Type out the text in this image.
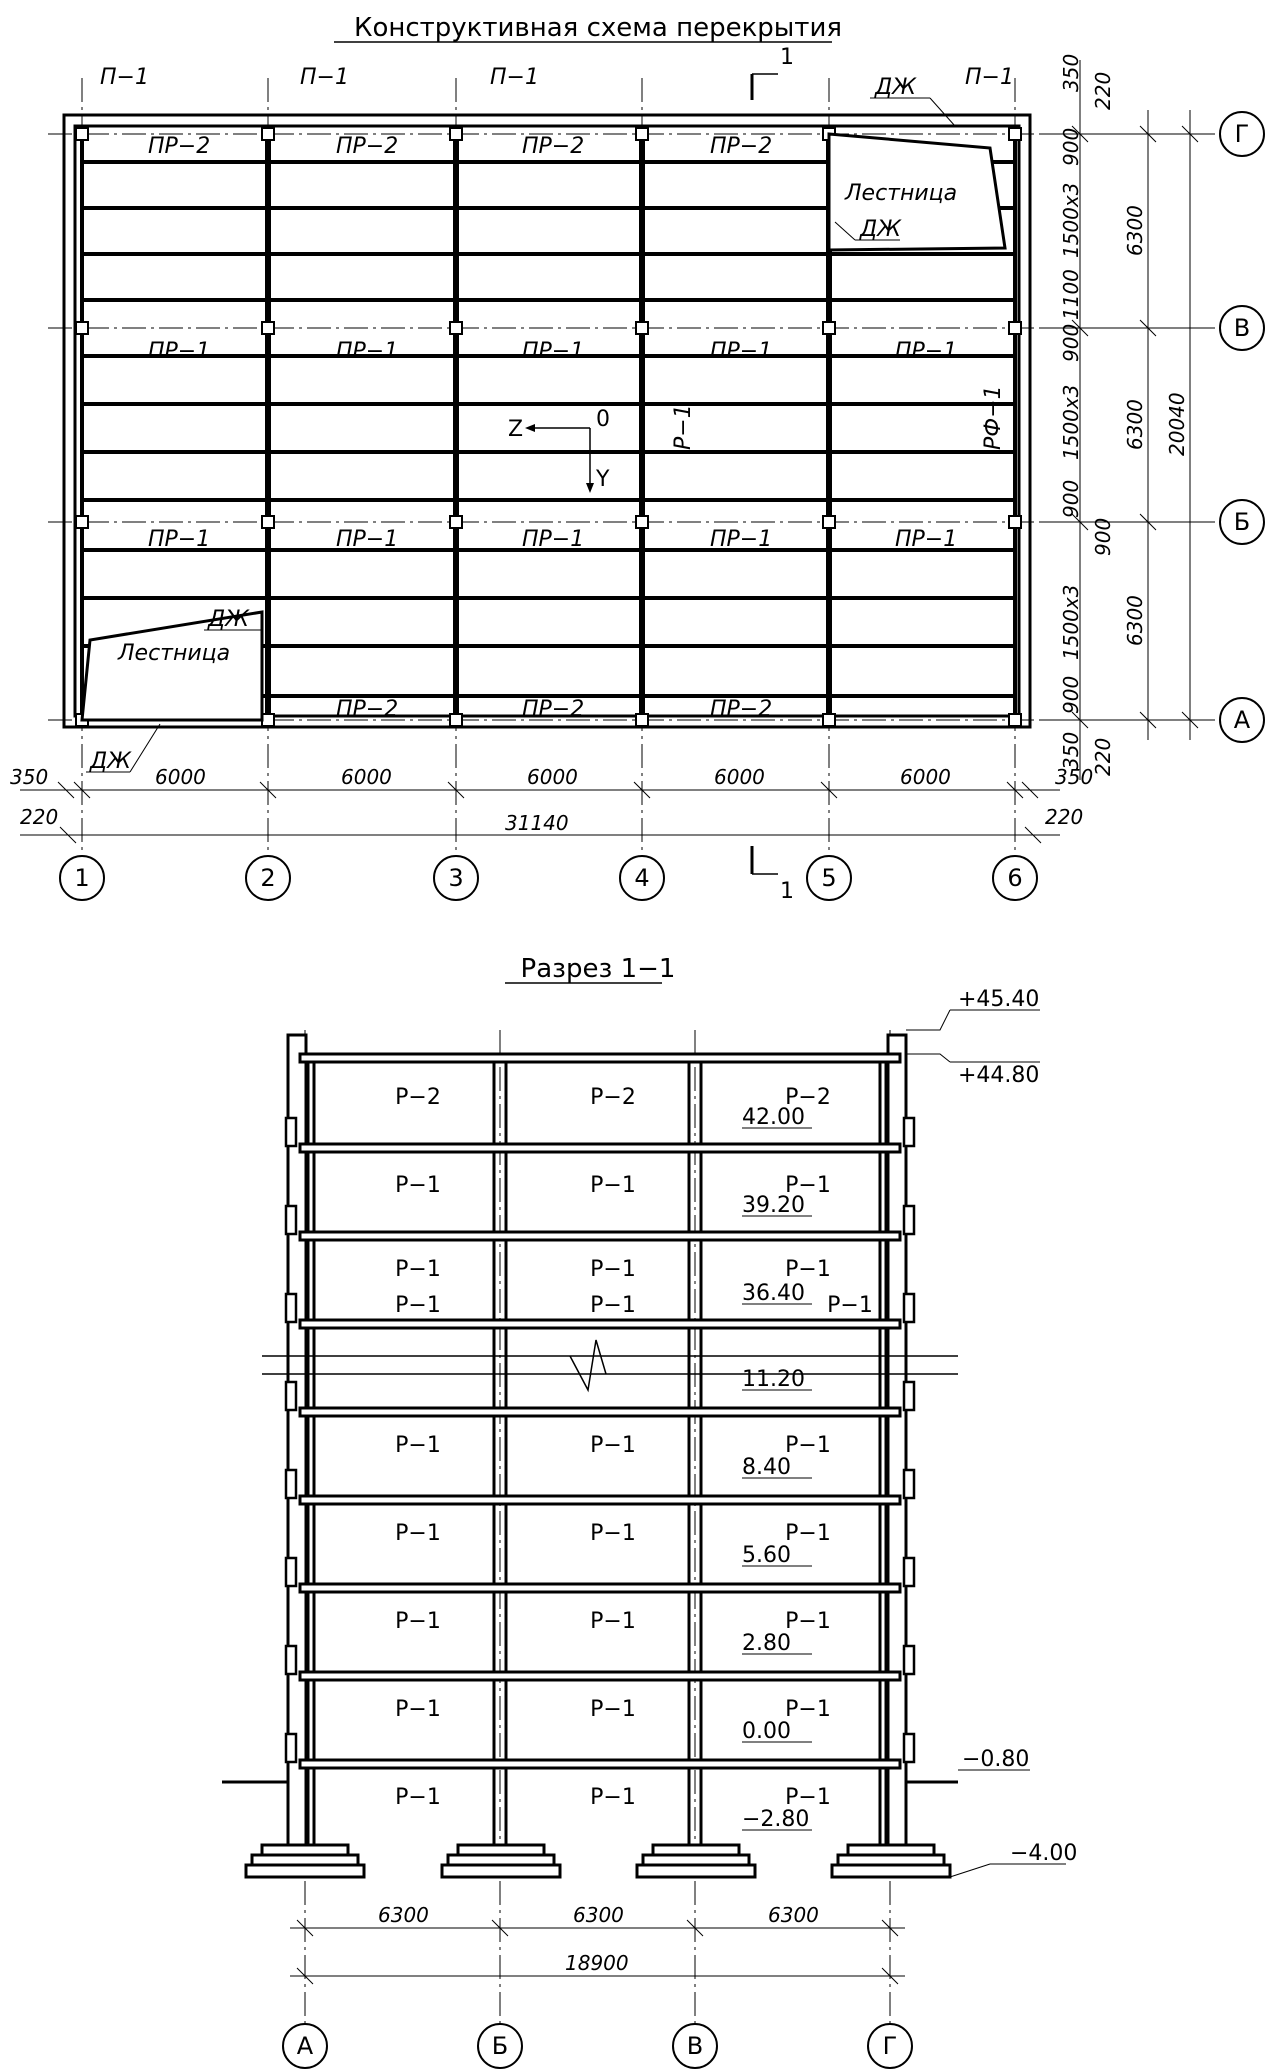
Конструктивная схема перекрытия
Лестница
Лестница
П−1	П−1	П−1	П−1
ПР−2	ПР−2	ПР−2	ПР−2
ПР−1	ПР−1	ПР−1	ПР−1	ПР−1
ПР−1	ПР−1	ПР−1	ПР−1	ПР−1
ПР−2	ПР−2	ПР−2
ДЖ
ДЖ
ДЖ
ДЖ
Р−1	РФ−1
Z	0
Y
1
1
350
220
6000	6000	6000	6000	6000	350
220
31140
350 220
900
1500x3
1100
900
1500x3
900
900
1500x3
900
350 220
6300
6300
6300
20040
1	2	3	4	5	6
Г
В
Б
А
Разрез 1−1
Р−2	Р−2	Р−2
Р−1	Р−1	Р−1
Р−1	Р−1	Р−1
Р−1	Р−1	Р−1
Р−1	Р−1	Р−1
Р−1	Р−1	Р−1
Р−1	Р−1	Р−1
Р−1	Р−1	Р−1
Р−1	Р−1	Р−1
+45.40
+44.80
42.00
39.20
36.40
11.20
8.40
5.60
2.80
0.00
−2.80
−0.80
−4.00
6300	6300	6300
18900
А	Б	В	Г
